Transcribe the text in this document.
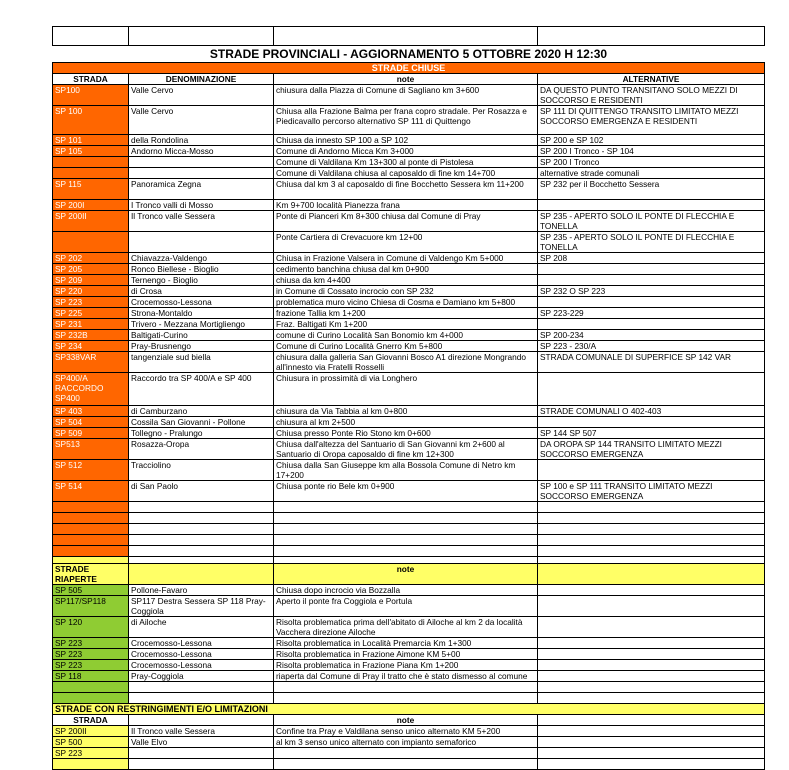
STRADE PROVINCIALI - AGGIORNAMENTO 5 OTTOBRE 2020 H 12:30			
STRADE CHIUSE			
STRADA	DENOMINAZIONE	note	ALTERNATIVE
SP100	Valle Cervo	chiusura dalla Piazza di Comune di Sagliano km 3+600	DA QUESTO PUNTO TRANSITANO SOLO MEZZI DI SOCCORSO E RESIDENTI
SP 100	Valle Cervo	Chiusa alla Frazione Balma per frana copro stradale. Per Rosazza e Piedicavallo percorso alternativo SP 111 di Quittengo	SP 111 DI QUITTENGO TRANSITO LIMITATO MEZZI SOCCORSO EMERGENZA E RESIDENTI
SP 101	della Rondolina	Chiusa da innesto SP 100 a SP 102	SP 200 e SP 102
SP 105	Andorno Micca-Mosso	Comune di Andorno Micca Km 3+000	SP 200 I Tronco - SP 104
		Comune di Valdilana Km 13+300 al ponte di Pistolesa	SP 200 I Tronco
		Comune di Valdilana chiusa al caposaldo di fine km 14+700	alternative strade comunali
SP 115	Panoramica Zegna	Chiusa dal km 3 al caposaldo di fine Bocchetto Sessera km 11+200	SP 232 per il Bocchetto Sessera
SP 200I	I Tronco valli di Mosso	Km 9+700 località Pianezza frana	
SP 200II	Il Tronco valle Sessera	Ponte di Pianceri Km 8+300 chiusa dal Comune di Pray	SP 235 - APERTO SOLO IL PONTE DI FLECCHIA E TONELLA
		Ponte Cartiera di Crevacuore km 12+00	SP 235 - APERTO SOLO IL PONTE DI FLECCHIA E TONELLA
SP 202	Chiavazza-Valdengo	Chiusa in Frazione Valsera in Comune di Valdengo Km 5+000	SP 208
SP 205	Ronco Biellese - Bioglio	cedimento banchina chiusa dal km 0+900	
SP 209	Ternengo - Bioglio	chiusa da km 4+400	
SP 220	di Crosa	in Comune di Cossato incrocio con SP 232	SP 232 O SP 223
SP 223	Crocemosso-Lessona	problematica muro vicino Chiesa di Cosma e Damiano km 5+800	
SP 225	Strona-Montaldo	frazione Tallia km 1+200	SP 223-229
SP 231	Trivero - Mezzana Mortigliengo	Fraz. Baltigati Km 1+200	
SP 232B	Baltigati-Curino	comune di Curino Località San Bonomio km 4+000	SP 200-234
SP 234	Pray-Brusnengo	Comune di Curino Località Gnerro Km 5+800	SP 223 - 230/A
SP338VAR	tangenziale sud biella	chiusura dalla galleria San Giovanni Bosco A1 direzione Mongrando all'innesto via Fratelli Rosselli	STRADA COMUNALE DI SUPERFICE SP 142 VAR
SP400/A RACCORDO SP400	Raccordo tra SP 400/A e SP 400	Chiusura in prossimità di via Longhero	
SP 403	di Camburzano	chiusura da Via Tabbia al km 0+800	STRADE COMUNALI O 402-403
SP 504	Cossila San Giovanni - Pollone	chiusura al km 2+500	
SP 509	Tollegno - Pralungo	Chiusa presso Ponte Rio Stono km 0+600	SP 144 SP 507
SP513	Rosazza-Oropa	Chiusa dall'altezza del Santuario di San Giovanni km 2+600 al Santuario di Oropa caposaldo di fine km 12+300	DA OROPA SP 144 TRANSITO LIMITATO MEZZI SOCCORSO EMERGENZA
SP 512	Tracciolino	Chiusa dalla San Giuseppe km alla Bossola Comune di Netro km 17+200	
SP 514	di San Paolo	Chiusa ponte rio Bele km 0+900	SP 100 e SP 111 TRANSITO LIMITATO MEZZI SOCCORSO EMERGENZA

STRADE RIAPERTE		note	
SP 505	Pollone-Favaro	Chiusa dopo incrocio via Bozzalla	
SP117/SP118	SP117 Destra Sessera SP 118 Pray-Coggiola	Aperto il ponte fra Coggiola e Portula	
SP 120	di Ailoche	Risolta problematica prima dell'abitato di Ailoche al km 2 da località Vacchera direzione Ailoche	
SP 223	Crocemosso-Lessona	Risolta problematica in Località Premarcia Km 1+300	
SP 223	Crocemosso-Lessona	Risolta problematica in Frazione Aimone KM 5+00	
SP 223	Crocemosso-Lessona	Risolta problematica in Frazione Piana Km 1+200	
SP 118	Pray-Coggiola	riaperta dal Comune di Pray il tratto che è stato dismesso al comune	

STRADE CON RESTRINGIMENTI E/O LIMITAZIONI			
STRADA		note	
SP 200II	Il Tronco valle Sessera	Confine tra Pray e Valdilana senso unico alternato KM 5+200	
SP 500	Valle Elvo	al km 3 senso unico alternato con impianto semaforico	
SP 223			
